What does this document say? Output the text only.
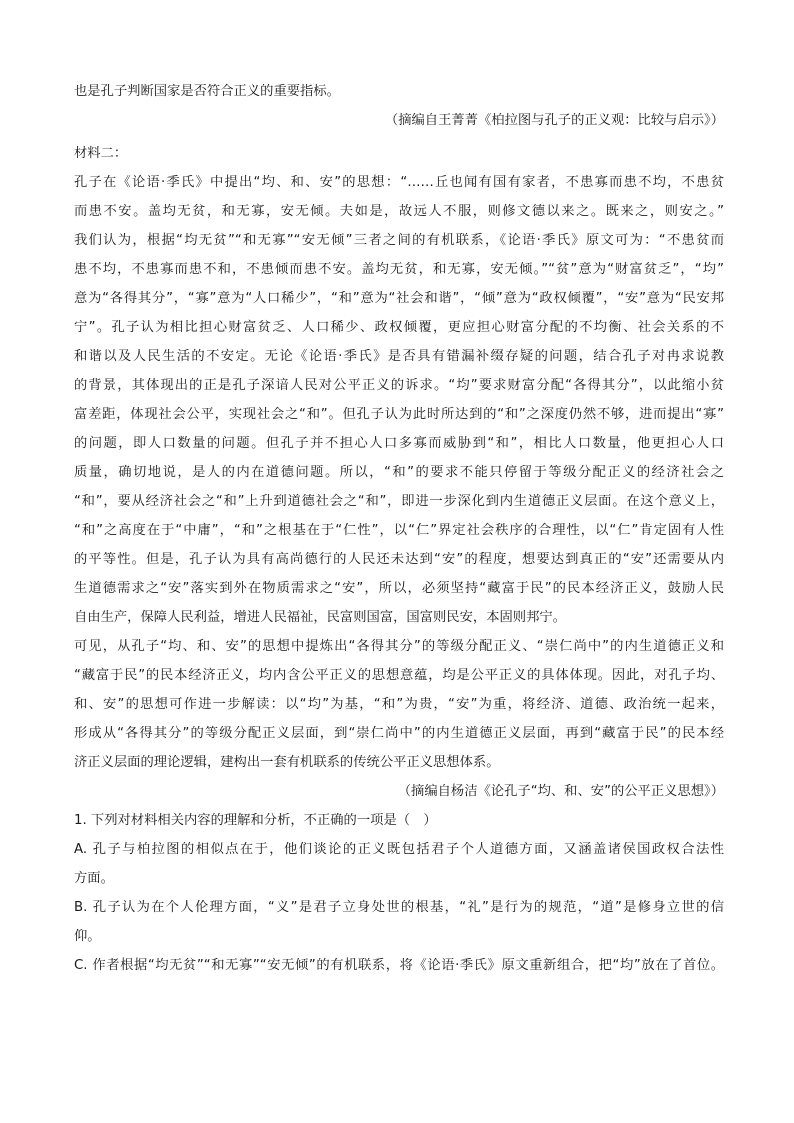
也是孔子判断国家是否符合正义的重要指标。
（摘编自王菁菁《柏拉图与孔子的正义观：比较与启示》）
材料二：
孔子在《论语·季氏》中提出“均、和、安”的思想：“……丘也闻有国有家者，不患寡而患不均，不患贫
而患不安。盖均无贫，和无寡，安无倾。夫如是，故远人不服，则修文德以来之。既来之，则安之。”
我们认为，根据“均无贫”“和无寡”“安无倾”三者之间的有机联系，《论语·季氏》原文可为：“不患贫而
患不均，不患寡而患不和，不患倾而患不安。盖均无贫，和无寡，安无倾。”“贫”意为“财富贫乏”，“均”
意为“各得其分”，“寡”意为“人口稀少”，“和”意为“社会和谐”，“倾”意为“政权倾覆”，“安”意为“民安邦
宁”。孔子认为相比担心财富贫乏、人口稀少、政权倾覆，更应担心财富分配的不均衡、社会关系的不
和谐以及人民生活的不安定。无论《论语·季氏》是否具有错漏补缀存疑的问题，结合孔子对冉求说教
的背景，其体现出的正是孔子深谙人民对公平正义的诉求。“均”要求财富分配“各得其分”，以此缩小贫
富差距，体现社会公平，实现社会之“和”。但孔子认为此时所达到的“和”之深度仍然不够，进而提出“寡”
的问题，即人口数量的问题。但孔子并不担心人口多寡而威胁到“和”，相比人口数量，他更担心人口
质量，确切地说，是人的内在道德问题。所以，“和”的要求不能只停留于等级分配正义的经济社会之
“和”，要从经济社会之“和”上升到道德社会之“和”，即进一步深化到内生道德正义层面。在这个意义上，
“和”之高度在于“中庸”，“和”之根基在于“仁性”，以“仁”界定社会秩序的合理性，以“仁”肯定固有人性
的平等性。但是，孔子认为具有高尚德行的人民还未达到“安”的程度，想要达到真正的“安”还需要从内
生道德需求之“安”落实到外在物质需求之“安”，所以，必须坚持“藏富于民”的民本经济正义，鼓励人民
自由生产，保障人民利益，增进人民福祉，民富则国富，国富则民安，本固则邦宁。
可见，从孔子“均、和、安”的思想中提炼出“各得其分”的等级分配正义、“崇仁尚中”的内生道德正义和
“藏富于民”的民本经济正义，均内含公平正义的思想意蕴，均是公平正义的具体体现。因此，对孔子均、
和、安”的思想可作进一步解读：以“均”为基，“和”为贵，“安”为重，将经济、道德、政治统一起来，
形成从“各得其分”的等级分配正义层面，到“崇仁尚中”的内生道德正义层面，再到“藏富于民”的民本经
济正义层面的理论逻辑，建构出一套有机联系的传统公平正义思想体系。
（摘编自杨洁《论孔子“均、和、安”的公平正义思想》）
1. 下列对材料相关内容的理解和分析，不正确的一项是（　）
A. 孔子与柏拉图的相似点在于，他们谈论的正义既包括君子个人道德方面，又涵盖诸侯国政权合法性
方面。
B. 孔子认为在个人伦理方面，“义”是君子立身处世的根基，“礼”是行为的规范，“道”是修身立世的信
仰。
C. 作者根据“均无贫”“和无寡”“安无倾”的有机联系，将《论语·季氏》原文重新组合，把“均”放在了首位。
